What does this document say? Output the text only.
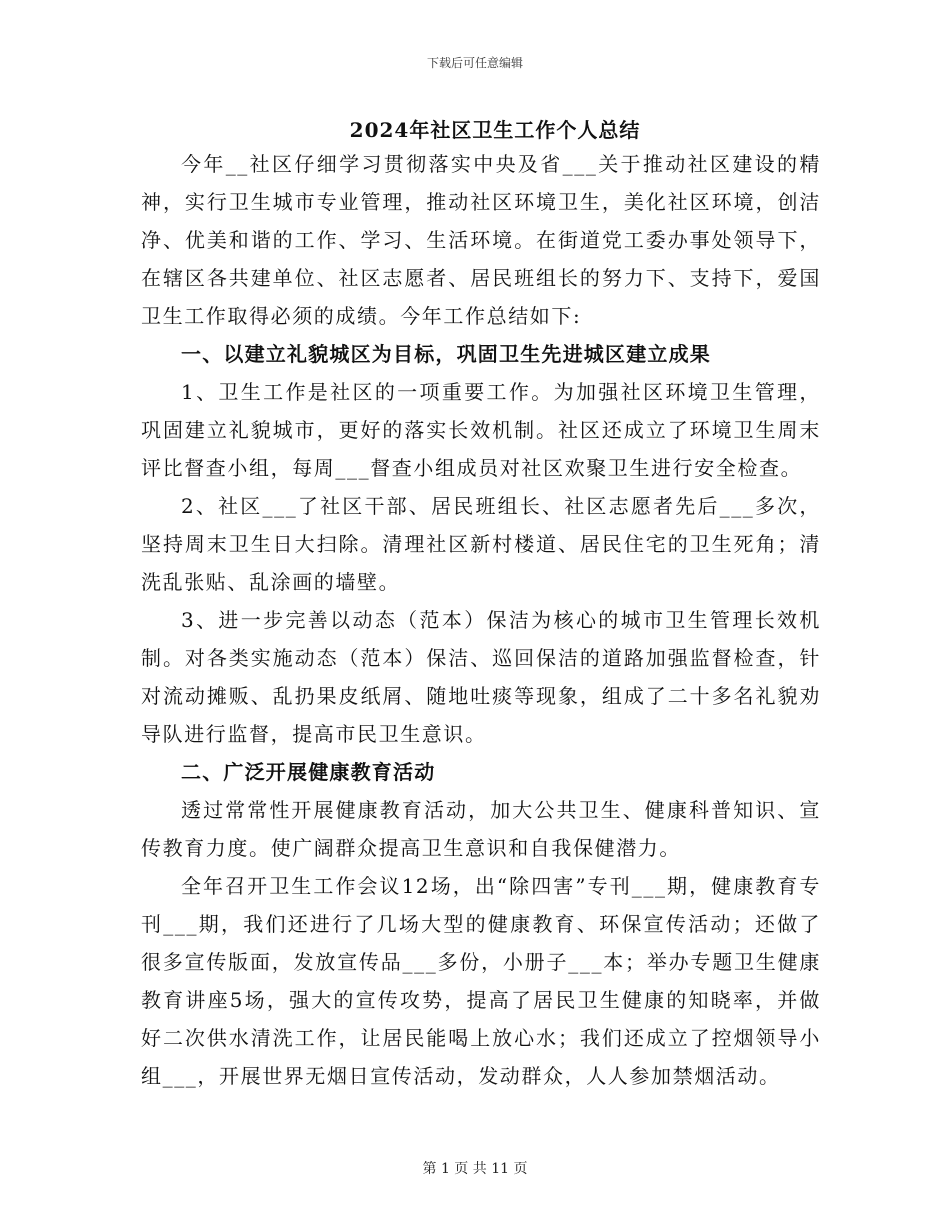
下载后可任意编辑
2024年社区卫生工作个人总结

今年__社区仔细学习贯彻落实中央及省___关于推动社区建设的精神，实行卫生城市专业管理，推动社区环境卫生，美化社区环境，创洁净、优美和谐的工作、学习、生活环境。在街道党工委办事处领导下，在辖区各共建单位、社区志愿者、居民班组长的努力下、支持下，爱国卫生工作取得必须的成绩。今年工作总结如下:

一、以建立礼貌城区为目标，巩固卫生先进城区建立成果

1、卫生工作是社区的一项重要工作。为加强社区环境卫生管理，巩固建立礼貌城市，更好的落实长效机制。社区还成立了环境卫生周末评比督查小组，每周___督查小组成员对社区欢聚卫生进行安全检查。

2、社区___了社区干部、居民班组长、社区志愿者先后___多次，坚持周末卫生日大扫除。清理社区新村楼道、居民住宅的卫生死角；清洗乱张贴、乱涂画的墙壁。

3、进一步完善以动态（范本）保洁为核心的城市卫生管理长效机制。对各类实施动态（范本）保洁、巡回保洁的道路加强监督检查，针对流动摊贩、乱扔果皮纸屑、随地吐痰等现象，组成了二十多名礼貌劝导队进行监督，提高市民卫生意识。

二、广泛开展健康教育活动

透过常常性开展健康教育活动，加大公共卫生、健康科普知识、宣传教育力度。使广阔群众提高卫生意识和自我保健潜力。

全年召开卫生工作会议12场，出“除四害”专刊___期，健康教育专刊___期，我们还进行了几场大型的健康教育、环保宣传活动；还做了很多宣传版面，发放宣传品___多份，小册子___本；举办专题卫生健康教育讲座5场，强大的宣传攻势，提高了居民卫生健康的知晓率，并做好二次供水清洗工作，让居民能喝上放心水；我们还成立了控烟领导小组___，开展世界无烟日宣传活动，发动群众，人人参加禁烟活动。

第 1 页 共 11 页
